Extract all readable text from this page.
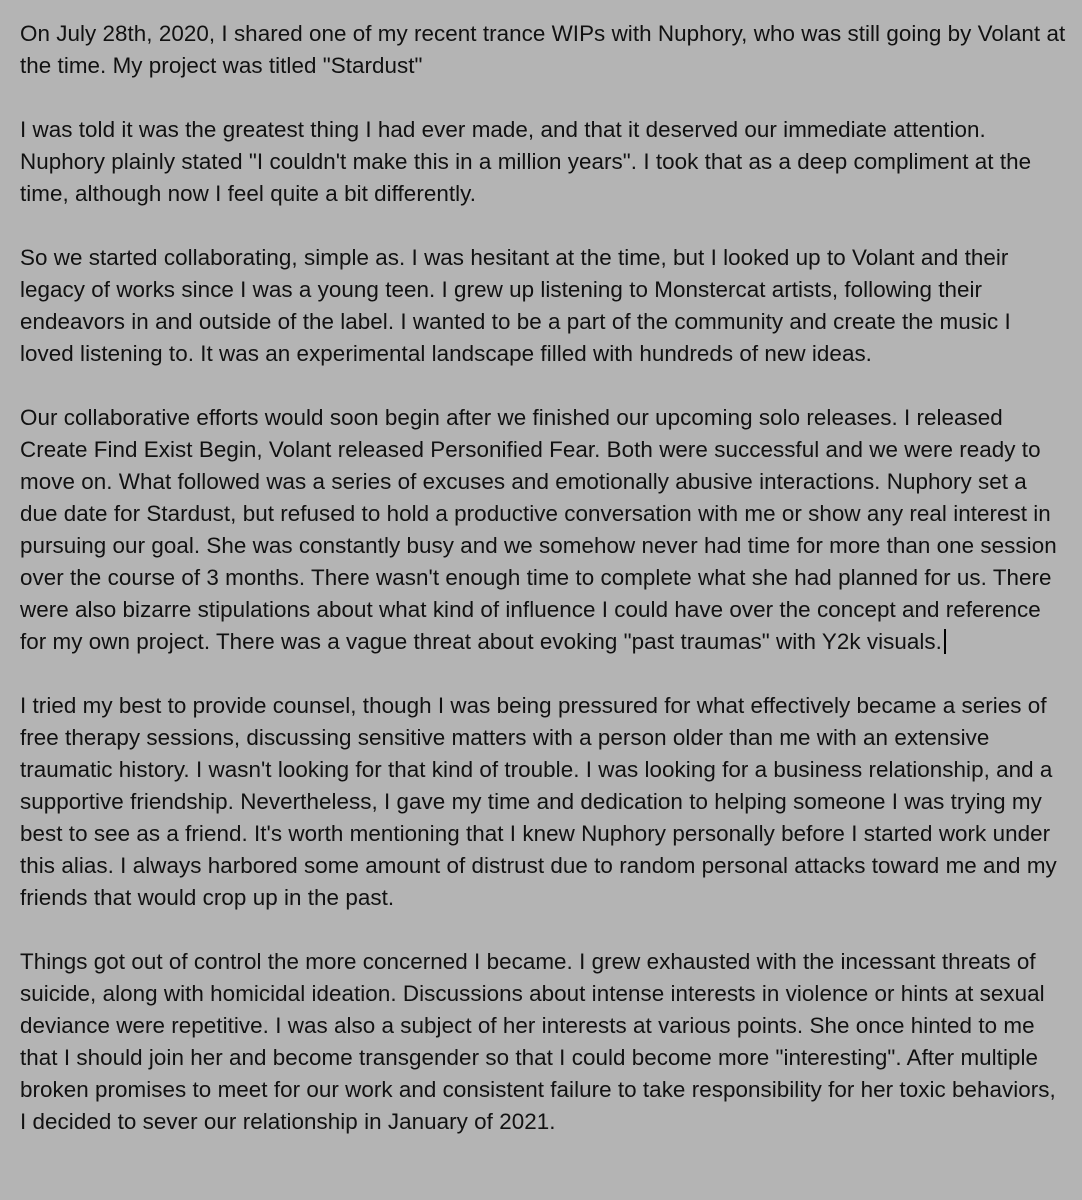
On July 28th, 2020, I shared one of my recent trance WIPs with Nuphory, who was still going by Volant at the time. My project was titled "Stardust"

I was told it was the greatest thing I had ever made, and that it deserved our immediate attention. Nuphory plainly stated "I couldn't make this in a million years". I took that as a deep compliment at the time, although now I feel quite a bit differently.

So we started collaborating, simple as. I was hesitant at the time, but I looked up to Volant and their legacy of works since I was a young teen. I grew up listening to Monstercat artists, following their endeavors in and outside of the label. I wanted to be a part of the community and create the music I loved listening to. It was an experimental landscape filled with hundreds of new ideas.

Our collaborative efforts would soon begin after we finished our upcoming solo releases. I released Create Find Exist Begin, Volant released Personified Fear. Both were successful and we were ready to move on. What followed was a series of excuses and emotionally abusive interactions. Nuphory set a due date for Stardust, but refused to hold a productive conversation with me or show any real interest in pursuing our goal. She was constantly busy and we somehow never had time for more than one session over the course of 3 months. There wasn't enough time to complete what she had planned for us. There were also bizarre stipulations about what kind of influence I could have over the concept and reference for my own project. There was a vague threat about evoking "past traumas" with Y2k visuals.

I tried my best to provide counsel, though I was being pressured for what effectively became a series of free therapy sessions, discussing sensitive matters with a person older than me with an extensive traumatic history. I wasn't looking for that kind of trouble. I was looking for a business relationship, and a supportive friendship. Nevertheless, I gave my time and dedication to helping someone I was trying my best to see as a friend. It's worth mentioning that I knew Nuphory personally before I started work under this alias. I always harbored some amount of distrust due to random personal attacks toward me and my friends that would crop up in the past.

Things got out of control the more concerned I became. I grew exhausted with the incessant threats of suicide, along with homicidal ideation. Discussions about intense interests in violence or hints at sexual deviance were repetitive. I was also a subject of her interests at various points. She once hinted to me that I should join her and become transgender so that I could become more "interesting". After multiple broken promises to meet for our work and consistent failure to take responsibility for her toxic behaviors, I decided to sever our relationship in January of 2021.
